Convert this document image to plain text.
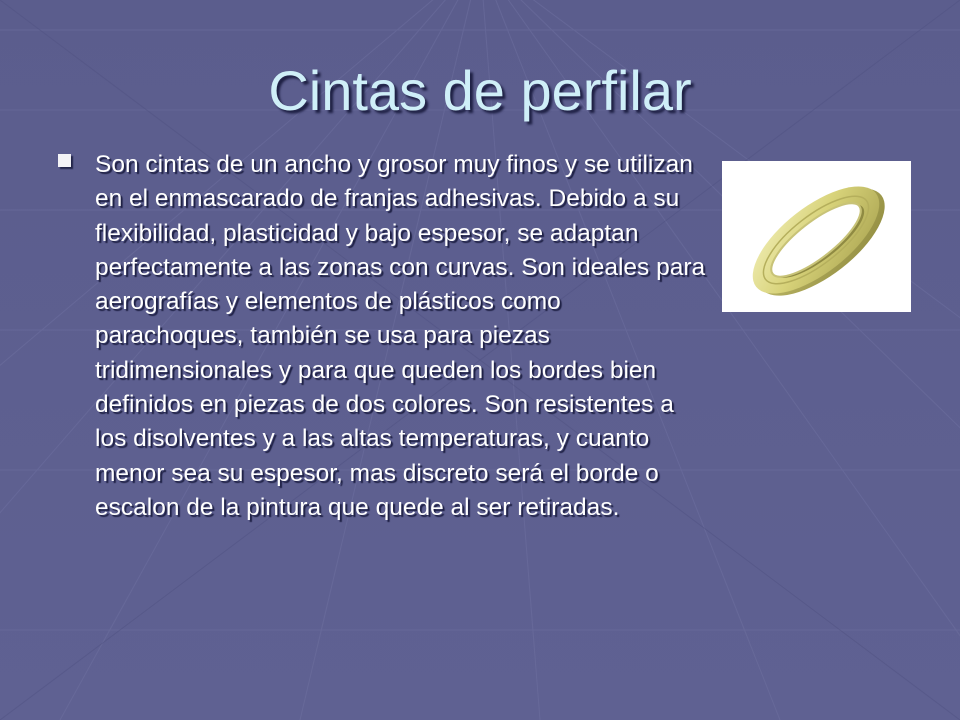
Cintas de perfilar

Son cintas de un ancho y grosor muy finos y se utilizan en el enmascarado de franjas adhesivas. Debido a su flexibilidad, plasticidad y bajo espesor, se adaptan perfectamente a las zonas con curvas. Son ideales para aerografías y elementos de plásticos como parachoques, también se usa para piezas tridimensionales y para que queden los bordes bien definidos en piezas de dos colores. Son resistentes a los disolventes y a las altas temperaturas, y cuanto menor sea su espesor, mas discreto será el borde o escalon de la pintura que quede al ser retiradas.
